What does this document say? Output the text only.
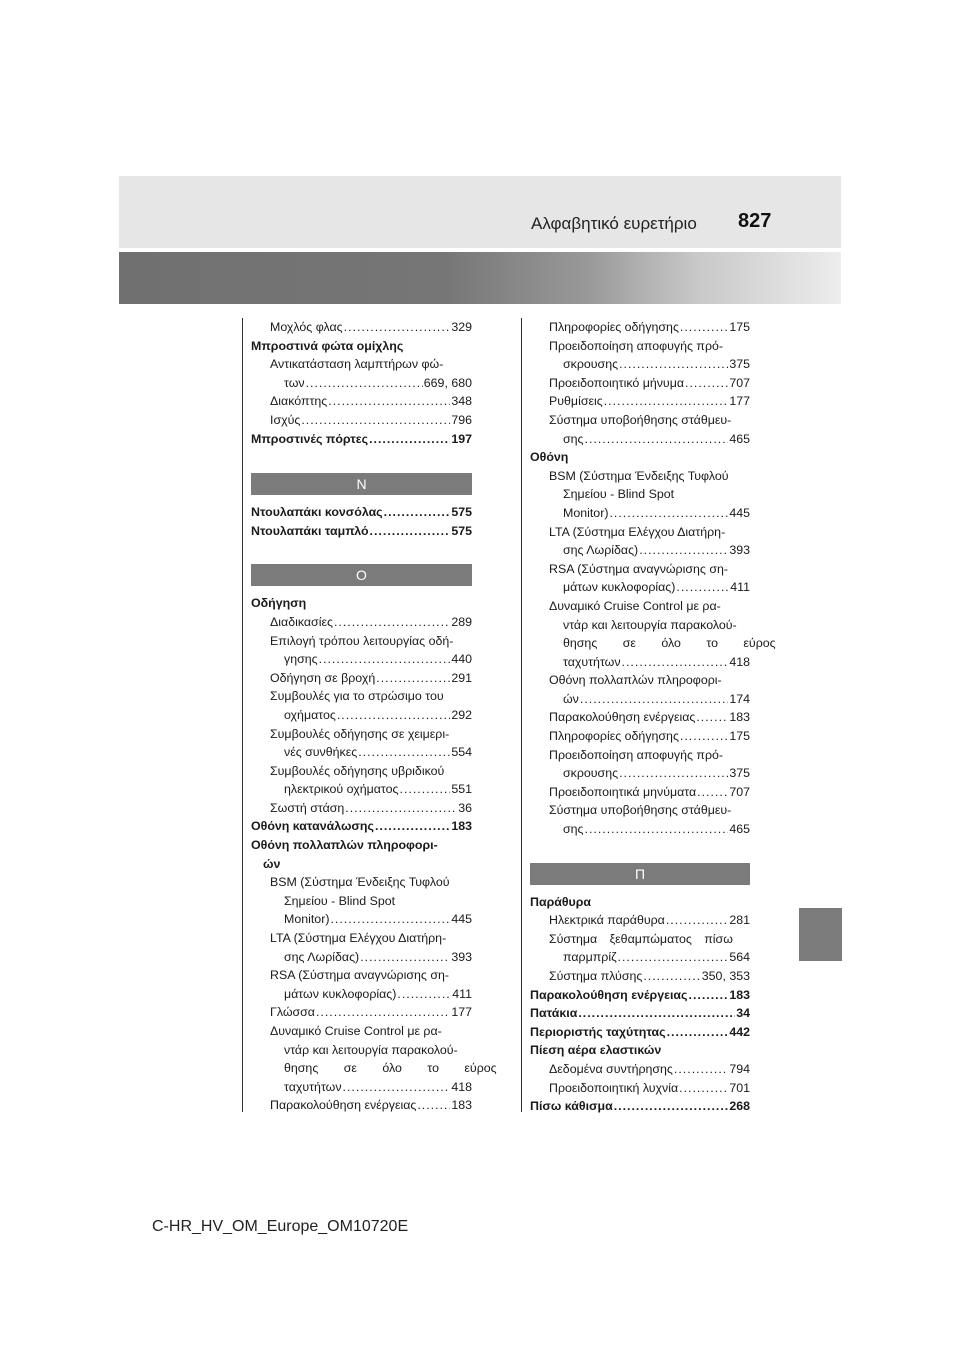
Αλφαβητικό ευρετήριο 827
Μοχλός φλας .....	329
Μπροστινά φώτα ομίχλης
Αντικατάσταση λαμπτήρων φώ-
των .....	669, 680
Διακόπτης .....	348
Ισχύς .....	796
Μπροστινές πόρτες .....	197
Ν
Ντουλαπάκι κονσόλας .....	575
Ντουλαπάκι ταμπλό .....	575
Ο
Οδήγηση
Διαδικασίες .....	289
Επιλογή τρόπου λειτουργίας οδή-
γησης .....	440
Οδήγηση σε βροχή .....	291
Συμβουλές για το στρώσιμο του
οχήματος .....	292
Συμβουλές οδήγησης σε χειμερι-
νές συνθήκες .....	554
Συμβουλές οδήγησης υβριδικού
ηλεκτρικού οχήματος .....	551
Σωστή στάση .....	36
Οθόνη κατανάλωσης .....	183
Οθόνη πολλαπλών πληροφορι-
ών
BSM (Σύστημα Ένδειξης Τυφλού
Σημείου - Blind Spot
Monitor) .....	445
LTA (Σύστημα Ελέγχου Διατήρη-
σης Λωρίδας) .....	393
RSA (Σύστημα αναγνώρισης ση-
μάτων κυκλοφορίας) .....	411
Γλώσσα .....	177
Δυναμικό Cruise Control με ρα-
ντάρ και λειτουργία παρακολού-
θησης σε όλο το εύρος
ταχυτήτων .....	418
Παρακολούθηση ενέργειας .....	183
Πληροφορίες οδήγησης .....	175
Προειδοποίηση αποφυγής πρό-
σκρουσης .....	375
Προειδοποιητικό μήνυμα .....	707
Ρυθμίσεις .....	177
Σύστημα υποβοήθησης στάθμευ-
σης .....	465
Οθόνη
BSM (Σύστημα Ένδειξης Τυφλού
Σημείου - Blind Spot
Monitor) .....	445
LTA (Σύστημα Ελέγχου Διατήρη-
σης Λωρίδας) .....	393
RSA (Σύστημα αναγνώρισης ση-
μάτων κυκλοφορίας) .....	411
Δυναμικό Cruise Control με ρα-
ντάρ και λειτουργία παρακολού-
θησης σε όλο το εύρος
ταχυτήτων .....	418
Οθόνη πολλαπλών πληροφορι-
ών .....	174
Παρακολούθηση ενέργειας .....	183
Πληροφορίες οδήγησης .....	175
Προειδοποίηση αποφυγής πρό-
σκρουσης .....	375
Προειδοποιητικά μηνύματα .....	707
Σύστημα υποβοήθησης στάθμευ-
σης .....	465
Π
Παράθυρα
Ηλεκτρικά παράθυρα .....	281
Σύστημα ξεθαμπώματος πίσω
παρμπρίζ .....	564
Σύστημα πλύσης .....	350, 353
Παρακολούθηση ενέργειας .....	183
Πατάκια .....	34
Περιοριστής ταχύτητας .....	442
Πίεση αέρα ελαστικών
Δεδομένα συντήρησης .....	794
Προειδοποιητική λυχνία .....	701
Πίσω κάθισμα .....	268
C-HR_HV_OM_Europe_OM10720E
